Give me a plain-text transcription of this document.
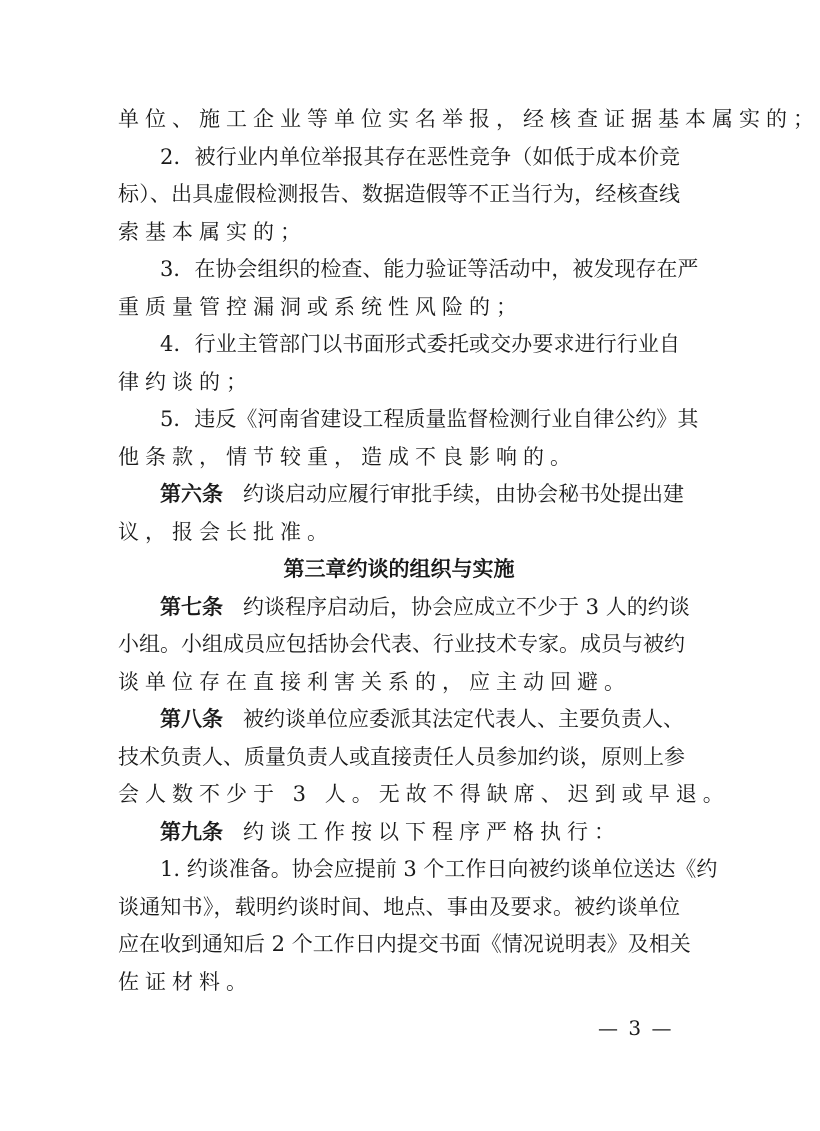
单位、施工企业等单位实名举报，经核查证据基本属实的；
2．被行业内单位举报其存在恶性竞争（如低于成本价竞
标）、出具虚假检测报告、数据造假等不正当行为，经核查线
索基本属实的；
3．在协会组织的检查、能力验证等活动中，被发现存在严
重质量管控漏洞或系统性风险的；
4．行业主管部门以书面形式委托或交办要求进行行业自
律约谈的；
5．违反《河南省建设工程质量监督检测行业自律公约》其
他条款，情节较重，造成不良影响的。
第六条 约谈启动应履行审批手续，由协会秘书处提出建
议，报会长批准。
第三章约谈的组织与实施
第七条 约谈程序启动后，协会应成立不少于 3 人的约谈
小组。小组成员应包括协会代表、行业技术专家。成员与被约
谈单位存在直接利害关系的，应主动回避。
第八条 被约谈单位应委派其法定代表人、主要负责人、
技术负责人、质量负责人或直接责任人员参加约谈，原则上参
会人数不少于 3 人。无故不得缺席、迟到或早退。
第九条 约谈工作按以下程序严格执行：
1. 约谈准备。协会应提前 3 个工作日向被约谈单位送达《约
谈通知书》，载明约谈时间、地点、事由及要求。被约谈单位
应在收到通知后 2 个工作日内提交书面《情况说明表》及相关
佐证材料。
— 3 —
